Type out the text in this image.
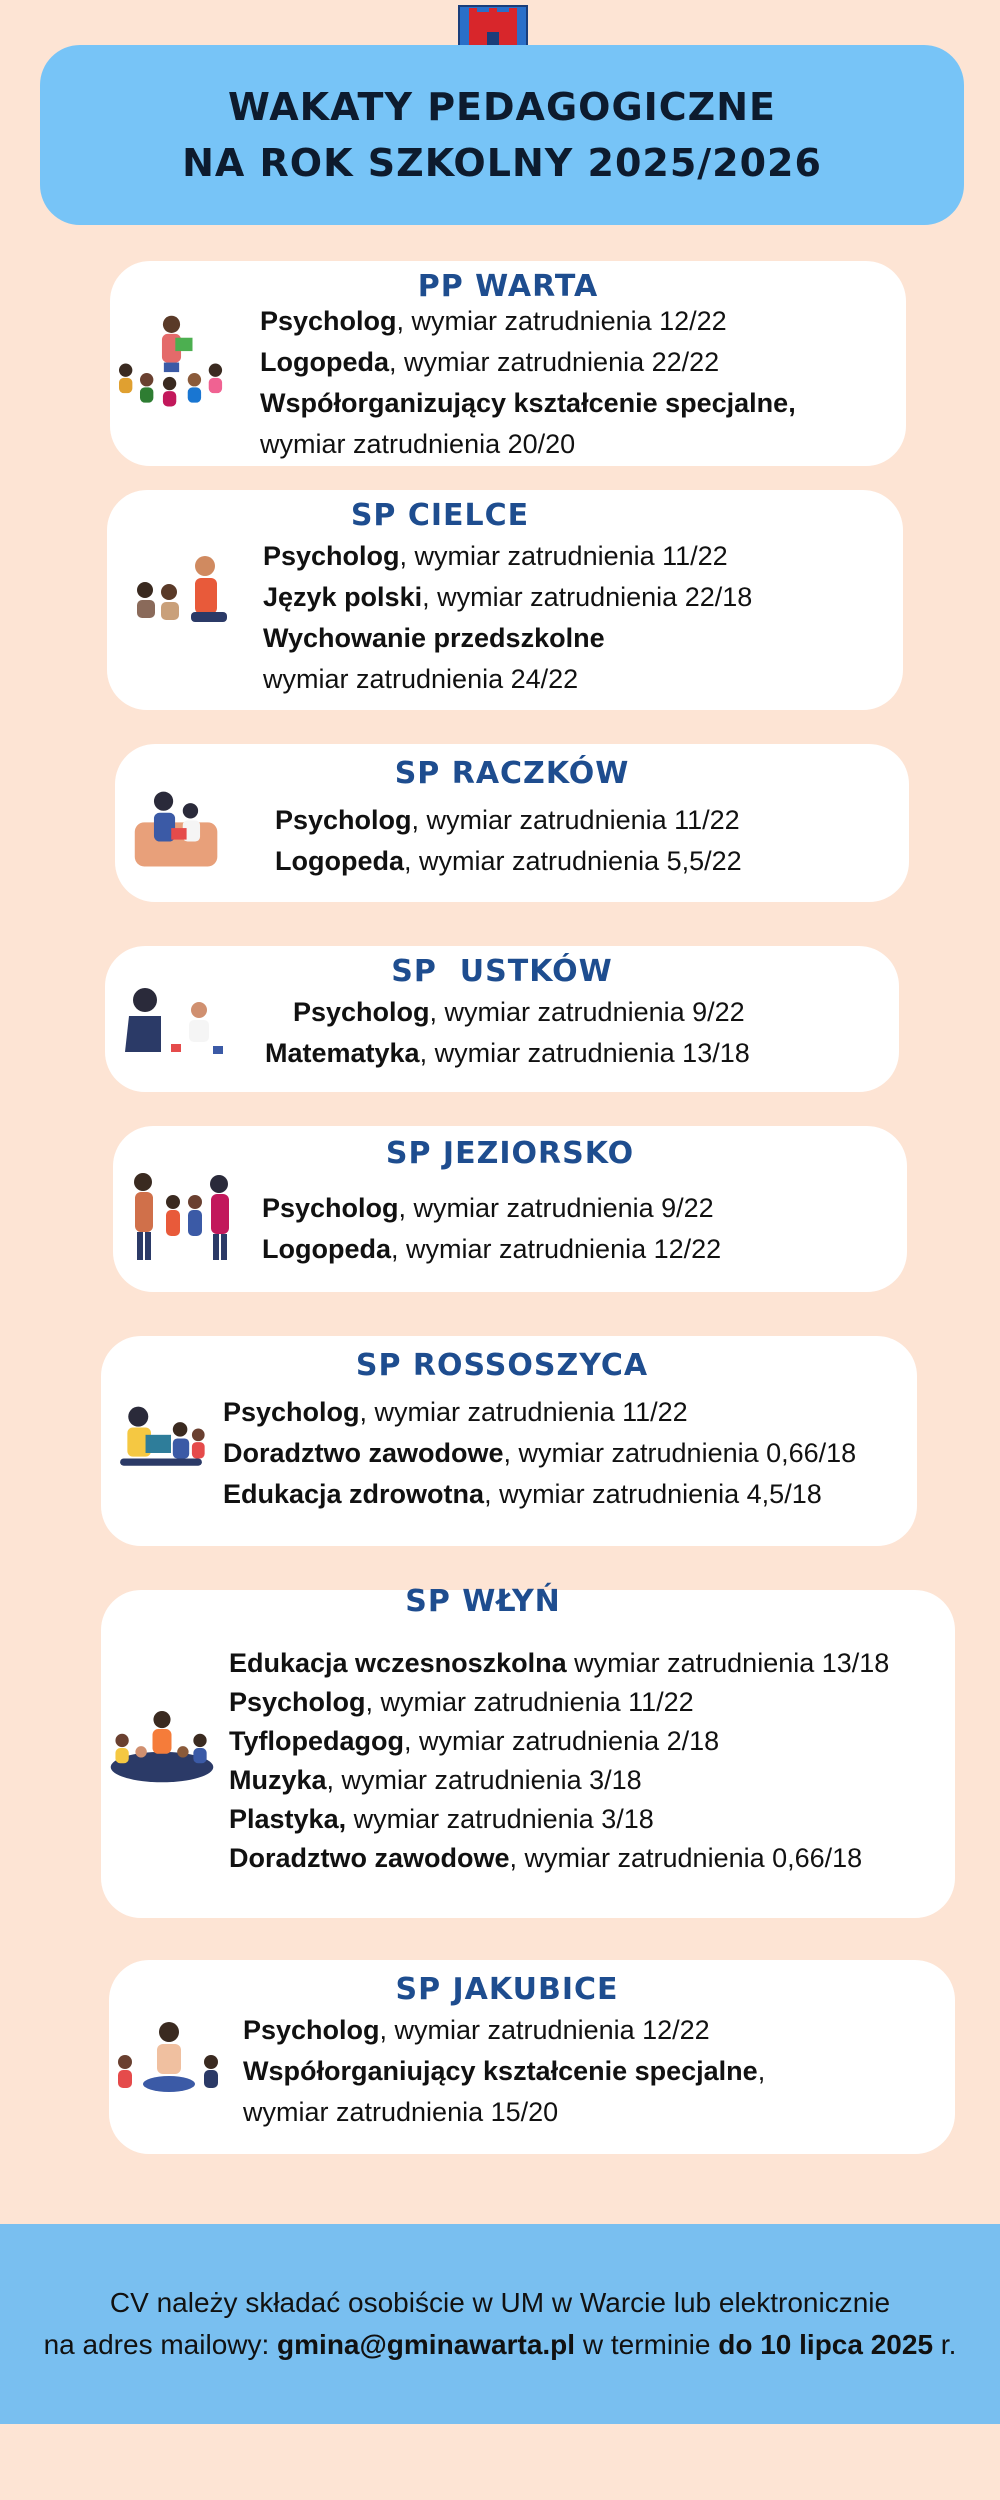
WAKATY PEDAGOGICZNE
NA ROK SZKOLNY 2025/2026
PP WARTA
Psycholog, wymiar zatrudnienia 12/22
Logopeda, wymiar zatrudnienia 22/22
Współorganizujący kształcenie specjalne,
wymiar zatrudnienia 20/20
SP CIELCE
Psycholog, wymiar zatrudnienia 11/22
Język polski, wymiar zatrudnienia 22/18
Wychowanie przedszkolne
wymiar zatrudnienia 24/22
SP RACZKÓW
Psycholog, wymiar zatrudnienia 11/22
Logopeda, wymiar zatrudnienia 5,5/22
SP  USTKÓW
Psycholog, wymiar zatrudnienia 9/22
Matematyka, wymiar zatrudnienia 13/18
SP JEZIORSKO
Psycholog, wymiar zatrudnienia 9/22
Logopeda, wymiar zatrudnienia 12/22
SP ROSSOSZYCA
Psycholog, wymiar zatrudnienia 11/22
Doradztwo zawodowe, wymiar zatrudnienia 0,66/18
Edukacja zdrowotna, wymiar zatrudnienia 4,5/18
SP WŁYŃ
Edukacja wczesnoszkolna wymiar zatrudnienia 13/18
Psycholog, wymiar zatrudnienia 11/22
Tyflopedagog, wymiar zatrudnienia 2/18
Muzyka, wymiar zatrudnienia 3/18
Plastyka, wymiar zatrudnienia 3/18
Doradztwo zawodowe, wymiar zatrudnienia 0,66/18
SP JAKUBICE
Psycholog, wymiar zatrudnienia 12/22
Współorganiujący kształcenie specjalne,
wymiar zatrudnienia 15/20
CV należy składać osobiście w UM w Warcie lub elektronicznie
na adres mailowy: gmina@gminawarta.pl w terminie do 10 lipca 2025 r.
